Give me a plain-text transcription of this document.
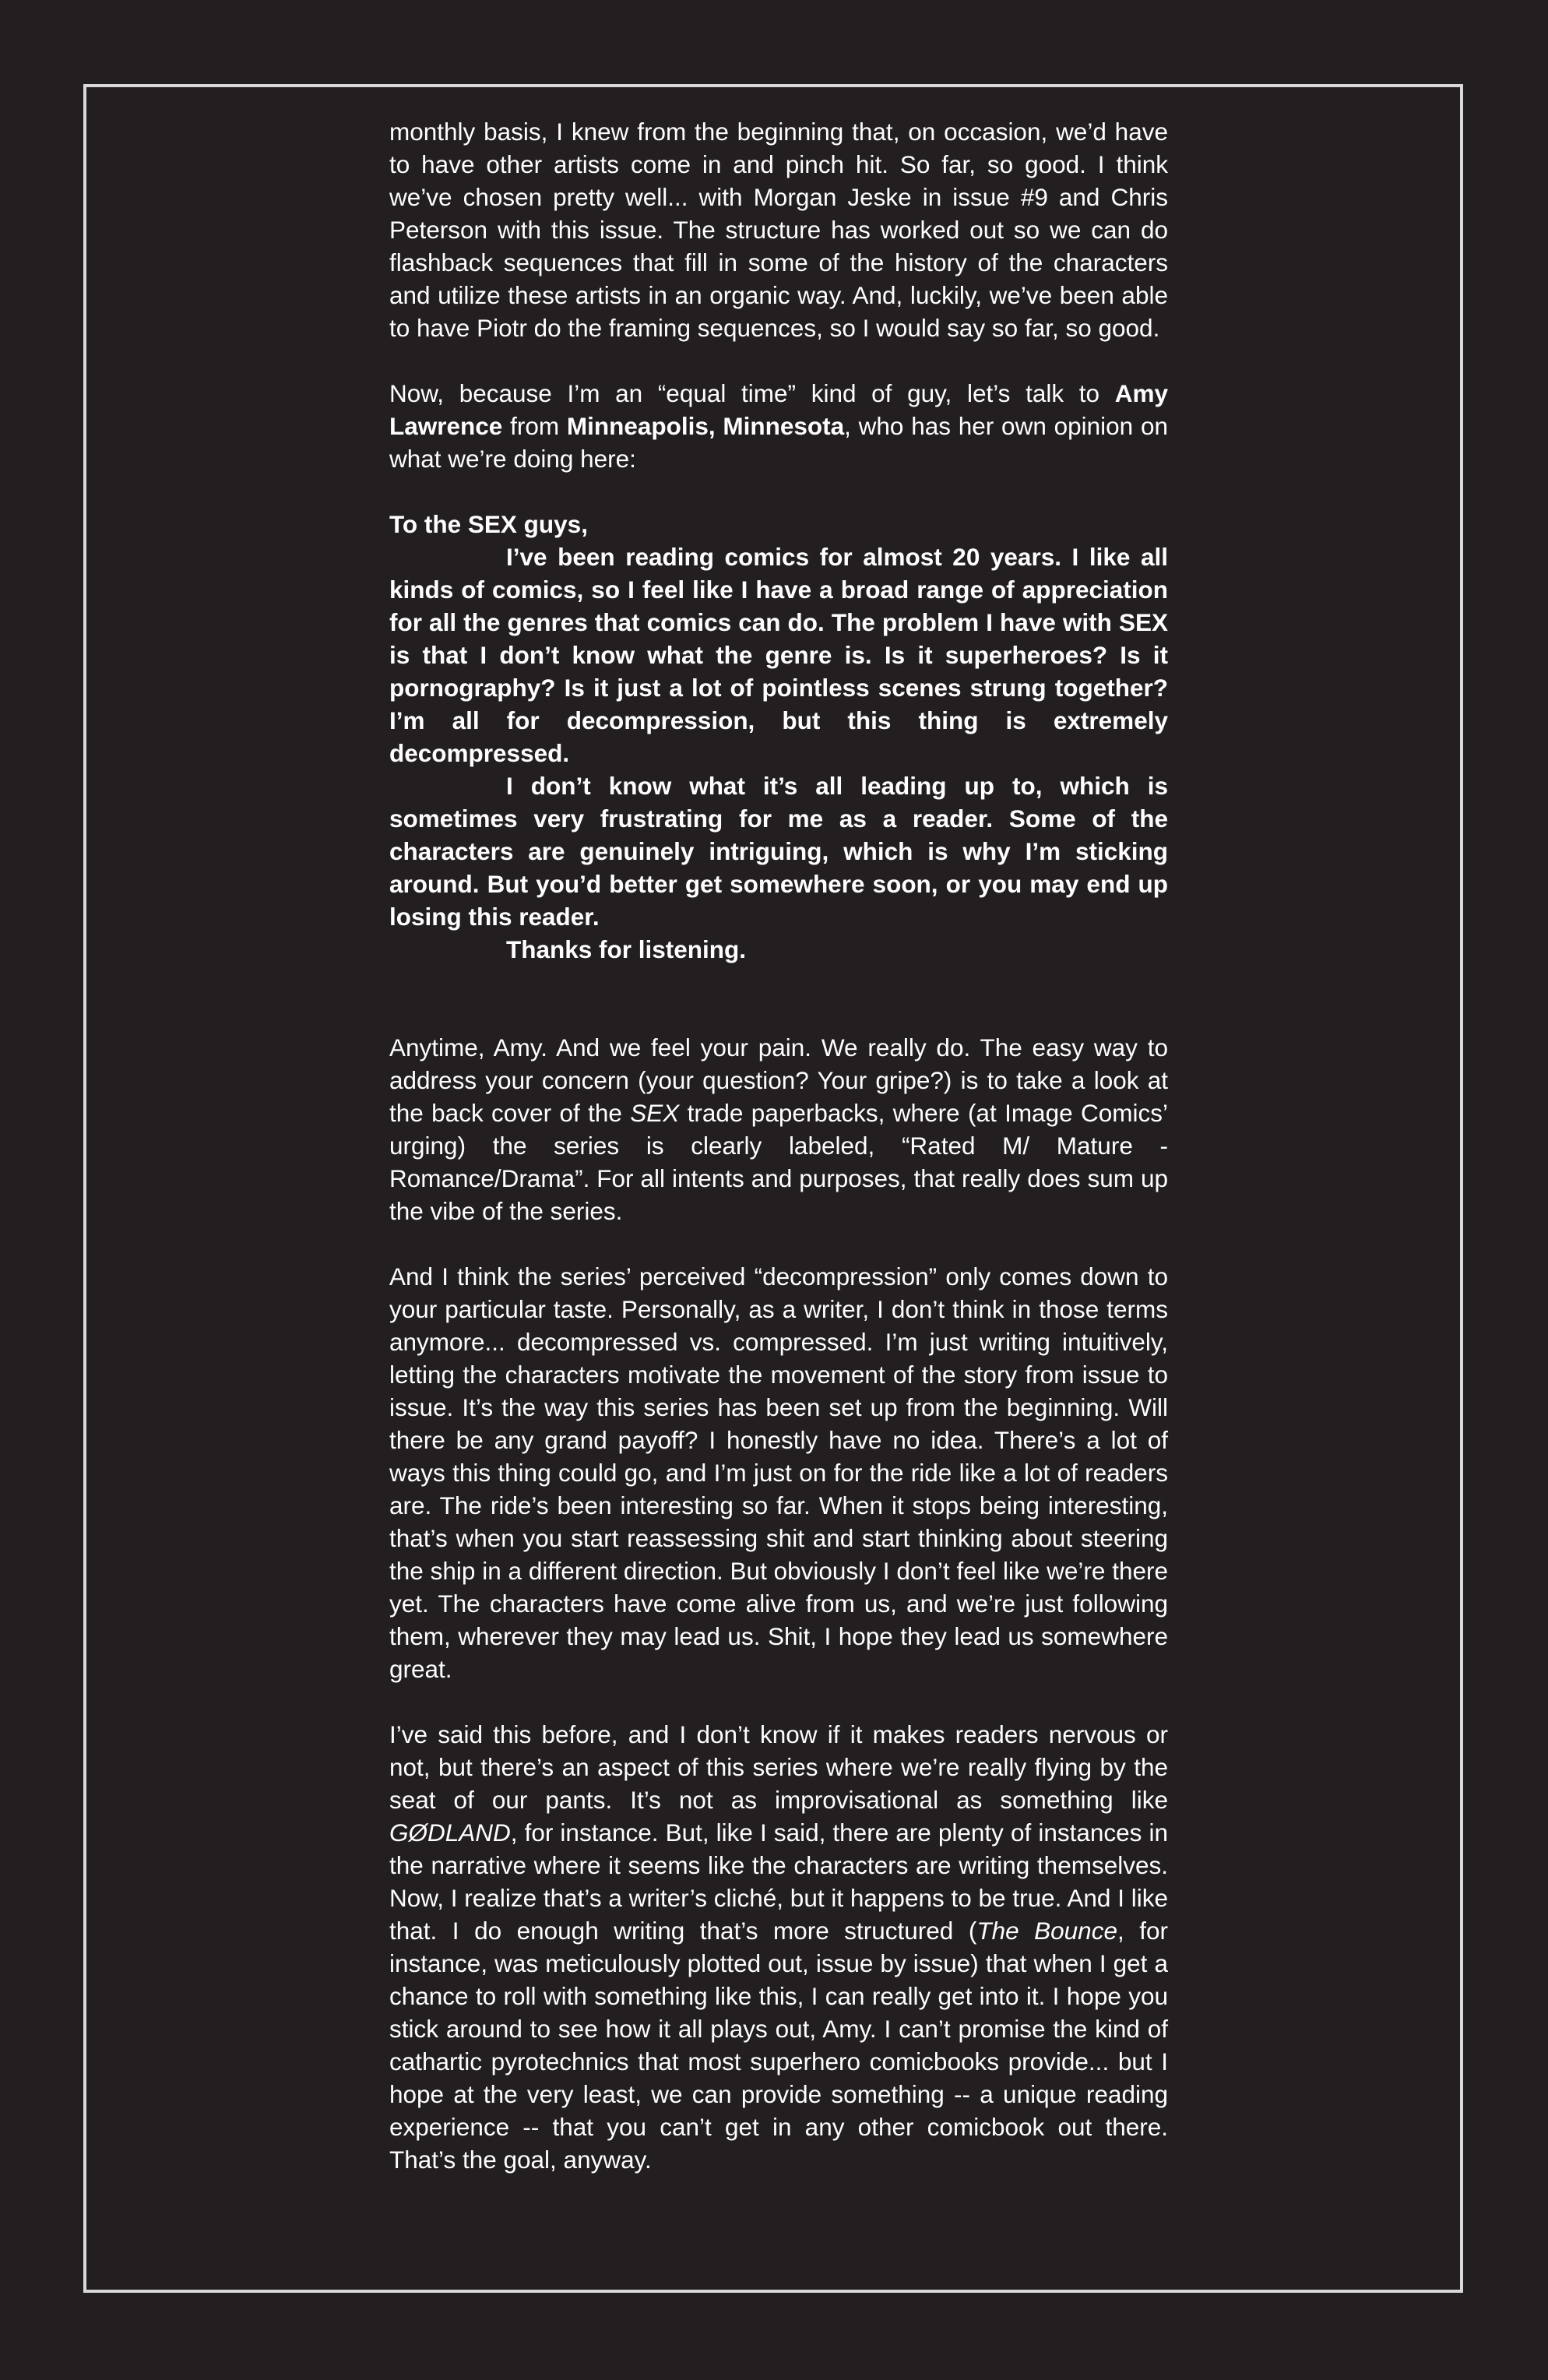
monthly basis, I knew from the beginning that, on occasion, we’d have to have other artists come in and pinch hit. So far, so good. I think we’ve chosen pretty well... with Morgan Jeske in issue #9 and Chris Peterson with this issue. The structure has worked out so we can do flashback sequences that fill in some of the history of the characters and utilize these artists in an organic way. And, luckily, we’ve been able to have Piotr do the framing sequences, so I would say so far, so good.

Now, because I’m an “equal time” kind of guy, let’s talk to Amy Lawrence from Minneapolis, Minnesota, who has her own opinion on what we’re doing here:

To the SEX guys,

I’ve been reading comics for almost 20 years. I like all kinds of comics, so I feel like I have a broad range of appreciation for all the genres that comics can do. The problem I have with SEX is that I don’t know what the genre is. Is it superheroes? Is it pornography? Is it just a lot of pointless scenes strung together? I’m all for decompression, but this thing is extremely decompressed.

I don’t know what it’s all leading up to, which is sometimes very frustrating for me as a reader. Some of the characters are genuinely intriguing, which is why I’m sticking around. But you’d better get somewhere soon, or you may end up losing this reader.

Thanks for listening.

Anytime, Amy. And we feel your pain. We really do. The easy way to address your concern (your question? Your gripe?) is to take a look at the back cover of the SEX trade paperbacks, where (at Image Comics’ urging) the series is clearly labeled, “Rated M/ Mature - Romance/Drama”. For all intents and purposes, that really does sum up the vibe of the series.

And I think the series’ perceived “decompression” only comes down to your particular taste. Personally, as a writer, I don’t think in those terms anymore... decompressed vs. compressed. I’m just writing intuitively, letting the characters motivate the movement of the story from issue to issue. It’s the way this series has been set up from the beginning. Will there be any grand payoff? I honestly have no idea. There’s a lot of ways this thing could go, and I’m just on for the ride like a lot of readers are. The ride’s been interesting so far. When it stops being interesting, that’s when you start reassessing shit and start thinking about steering the ship in a different direction. But obviously I don’t feel like we’re there yet. The characters have come alive from us, and we’re just following them, wherever they may lead us. Shit, I hope they lead us somewhere great.

I’ve said this before, and I don’t know if it makes readers nervous or not, but there’s an aspect of this series where we’re really flying by the seat of our pants. It’s not as improvisational as something like GØDLAND, for instance. But, like I said, there are plenty of instances in the narrative where it seems like the characters are writing themselves. Now, I realize that’s a writer’s cliché, but it happens to be true. And I like that. I do enough writing that’s more structured (The Bounce, for instance, was meticulously plotted out, issue by issue) that when I get a chance to roll with something like this, I can really get into it. I hope you stick around to see how it all plays out, Amy. I can’t promise the kind of cathartic pyrotechnics that most superhero comicbooks provide... but I hope at the very least, we can provide something -- a unique reading experience -- that you can’t get in any other comicbook out there. That’s the goal, anyway.
